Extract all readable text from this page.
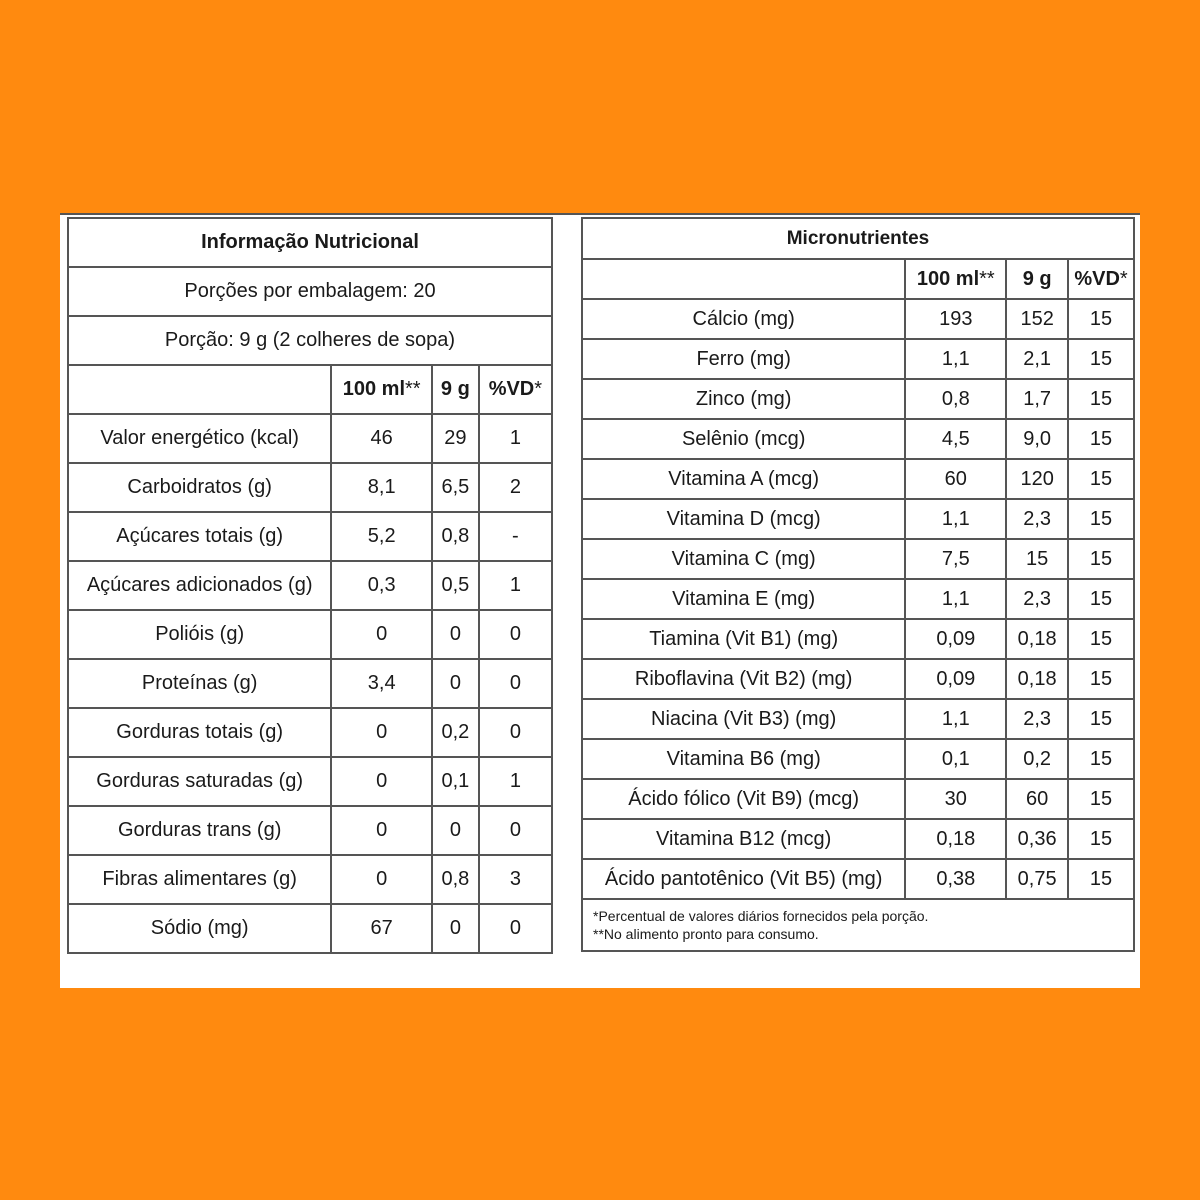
Informação Nutricional			
Porções por embalagem: 20			
Porção: 9 g (2 colheres de sopa)			
	100 ml**	9 g	%VD*
Valor energético (kcal)	46	29	1
Carboidratos (g)	8,1	6,5	2
Açúcares totais (g)	5,2	0,8	-
Açúcares adicionados (g)	0,3	0,5	1
Polióis (g)	0	0	0
Proteínas (g)	3,4	0	0
Gorduras totais (g)	0	0,2	0
Gorduras saturadas (g)	0	0,1	1
Gorduras trans (g)	0	0	0
Fibras alimentares (g)	0	0,8	3
Sódio (mg)	67	0	0
Micronutrientes			
	100 ml**	9 g	%VD*
Cálcio (mg)	193	152	15
Ferro (mg)	1,1	2,1	15
Zinco (mg)	0,8	1,7	15
Selênio (mcg)	4,5	9,0	15
Vitamina A (mcg)	60	120	15
Vitamina D (mcg)	1,1	2,3	15
Vitamina C (mg)	7,5	15	15
Vitamina E (mg)	1,1	2,3	15
Tiamina (Vit B1) (mg)	0,09	0,18	15
Riboflavina (Vit B2) (mg)	0,09	0,18	15
Niacina (Vit B3) (mg)	1,1	2,3	15
Vitamina B6 (mg)	0,1	0,2	15
Ácido fólico (Vit B9) (mcg)	30	60	15
Vitamina B12 (mcg)	0,18	0,36	15
Ácido pantotênico (Vit B5) (mg)	0,38	0,75	15

*Percentual de valores diários fornecidos pela porção.
**No alimento pronto para consumo.			
